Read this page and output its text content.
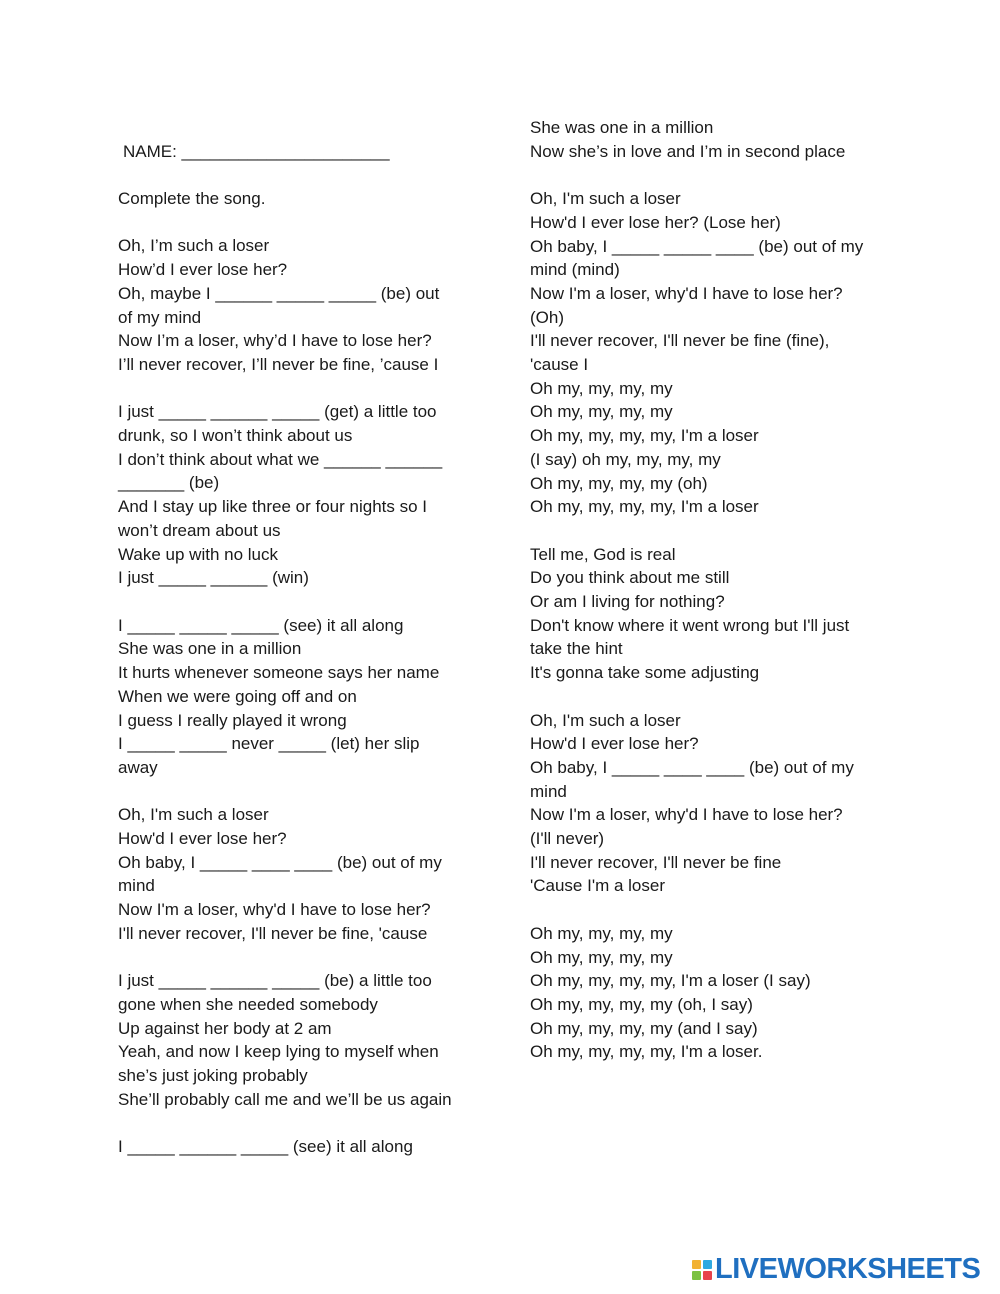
NAME: ______________________
Complete the song.
Oh, I’m such a loser
How’d I ever lose her?
Oh, maybe I ______ _____ _____ (be) out
of my mind
Now I’m a loser, why’d I have to lose her?
I’ll never recover, I’ll never be fine, ’cause I
I just _____ ______ _____ (get) a little too
drunk, so I won’t think about us
I don’t think about what we ______ ______
_______ (be)
And I stay up like three or four nights so I
won’t dream about us
Wake up with no luck
I just _____ ______ (win)
I _____ _____ _____ (see) it all along
She was one in a million
It hurts whenever someone says her name
When we were going off and on
I guess I really played it wrong
I _____ _____ never _____ (let) her slip
away
Oh, I'm such a loser
How'd I ever lose her?
Oh baby, I _____ ____ ____ (be) out of my
mind
Now I'm a loser, why'd I have to lose her?
I'll never recover, I'll never be fine, 'cause
I just _____ ______ _____ (be) a little too
gone when she needed somebody
Up against her body at 2 am
Yeah, and now I keep lying to myself when
she’s just joking probably
She’ll probably call me and we’ll be us again
I _____ ______ _____ (see) it all along
She was one in a million
Now she’s in love and I’m in second place
Oh, I'm such a loser
How'd I ever lose her? (Lose her)
Oh baby, I _____ _____ ____ (be) out of my
mind (mind)
Now I'm a loser, why'd I have to lose her?
(Oh)
I'll never recover, I'll never be fine (fine),
'cause I
Oh my, my, my, my
Oh my, my, my, my
Oh my, my, my, my, I'm a loser
(I say) oh my, my, my, my
Oh my, my, my, my (oh)
Oh my, my, my, my, I'm a loser
Tell me, God is real
Do you think about me still
Or am I living for nothing?
Don't know where it went wrong but I'll just
take the hint
It's gonna take some adjusting
Oh, I'm such a loser
How'd I ever lose her?
Oh baby, I _____ ____ ____ (be) out of my
mind
Now I'm a loser, why'd I have to lose her?
(I'll never)
I'll never recover, I'll never be fine
'Cause I'm a loser
Oh my, my, my, my
Oh my, my, my, my
Oh my, my, my, my, I'm a loser (I say)
Oh my, my, my, my (oh, I say)
Oh my, my, my, my (and I say)
Oh my, my, my, my, I'm a loser.
LIVEWORKSHEETS
